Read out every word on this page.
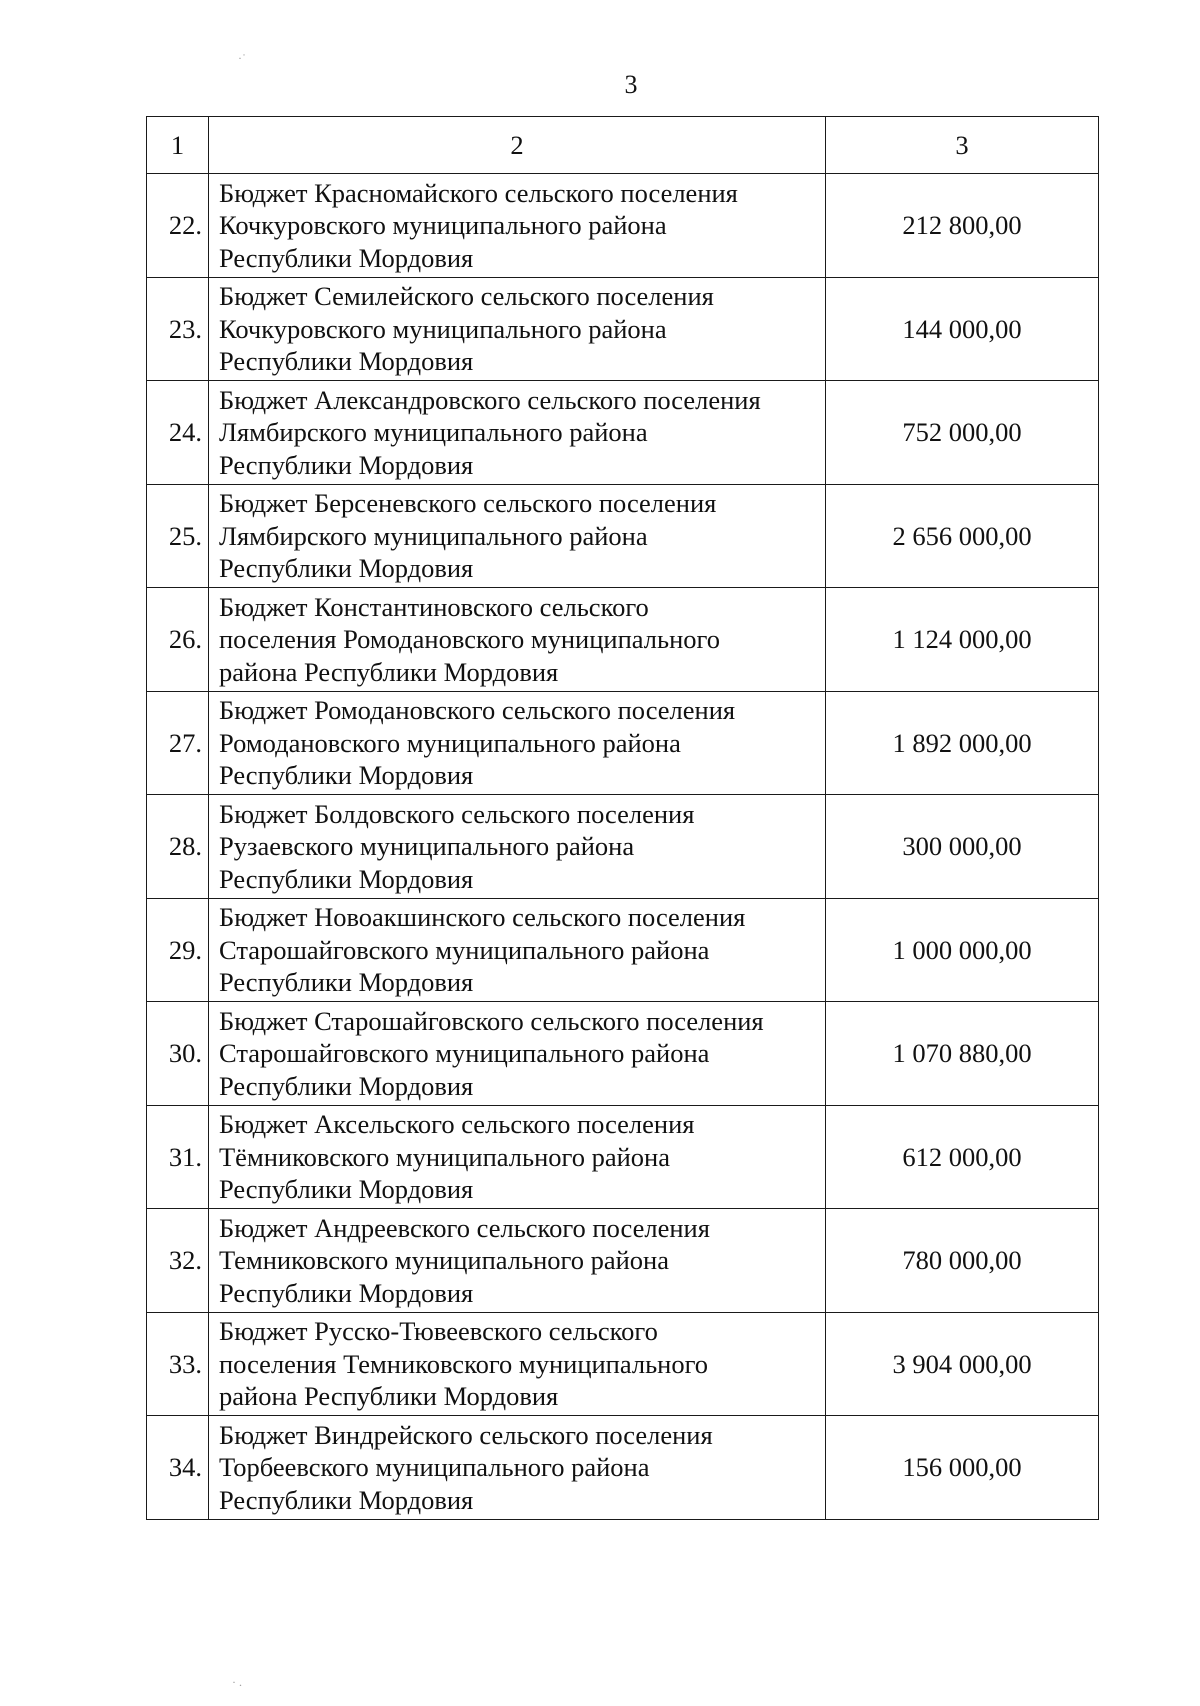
3
·˙
· .
1	2	3
22.	Бюджет Красномайского сельского поселения
Кочкуровского муниципального района
Республики Мордовия	212 800,00
23.	Бюджет Семилейского сельского поселения
Кочкуровского муниципального района
Республики Мордовия	144 000,00
24.	Бюджет Александровского сельского поселения
Лямбирского муниципального района
Республики Мордовия	752 000,00
25.	Бюджет Берсеневского сельского поселения
Лямбирского муниципального района
Республики Мордовия	2 656 000,00
26.	Бюджет Константиновского сельского
поселения Ромодановского муниципального
района Республики Мордовия	1 124 000,00
27.	Бюджет Ромодановского сельского поселения
Ромодановского муниципального района
Республики Мордовия	1 892 000,00
28.	Бюджет Болдовского сельского поселения
Рузаевского муниципального района
Республики Мордовия	300 000,00
29.	Бюджет Новоакшинского сельского поселения
Старошайговского муниципального района
Республики Мордовия	1 000 000,00
30.	Бюджет Старошайговского сельского поселения
Старошайговского муниципального района
Республики Мордовия	1 070 880,00
31.	Бюджет Аксельского сельского поселения
Тёмниковского муниципального района
Республики Мордовия	612 000,00
32.	Бюджет Андреевского сельского поселения
Темниковского муниципального района
Республики Мордовия	780 000,00
33.	Бюджет Русско-Тювеевского сельского
поселения Темниковского муниципального
района Республики Мордовия	3 904 000,00
34.	Бюджет Виндрейского сельского поселения
Торбеевского муниципального района
Республики Мордовия	156 000,00
